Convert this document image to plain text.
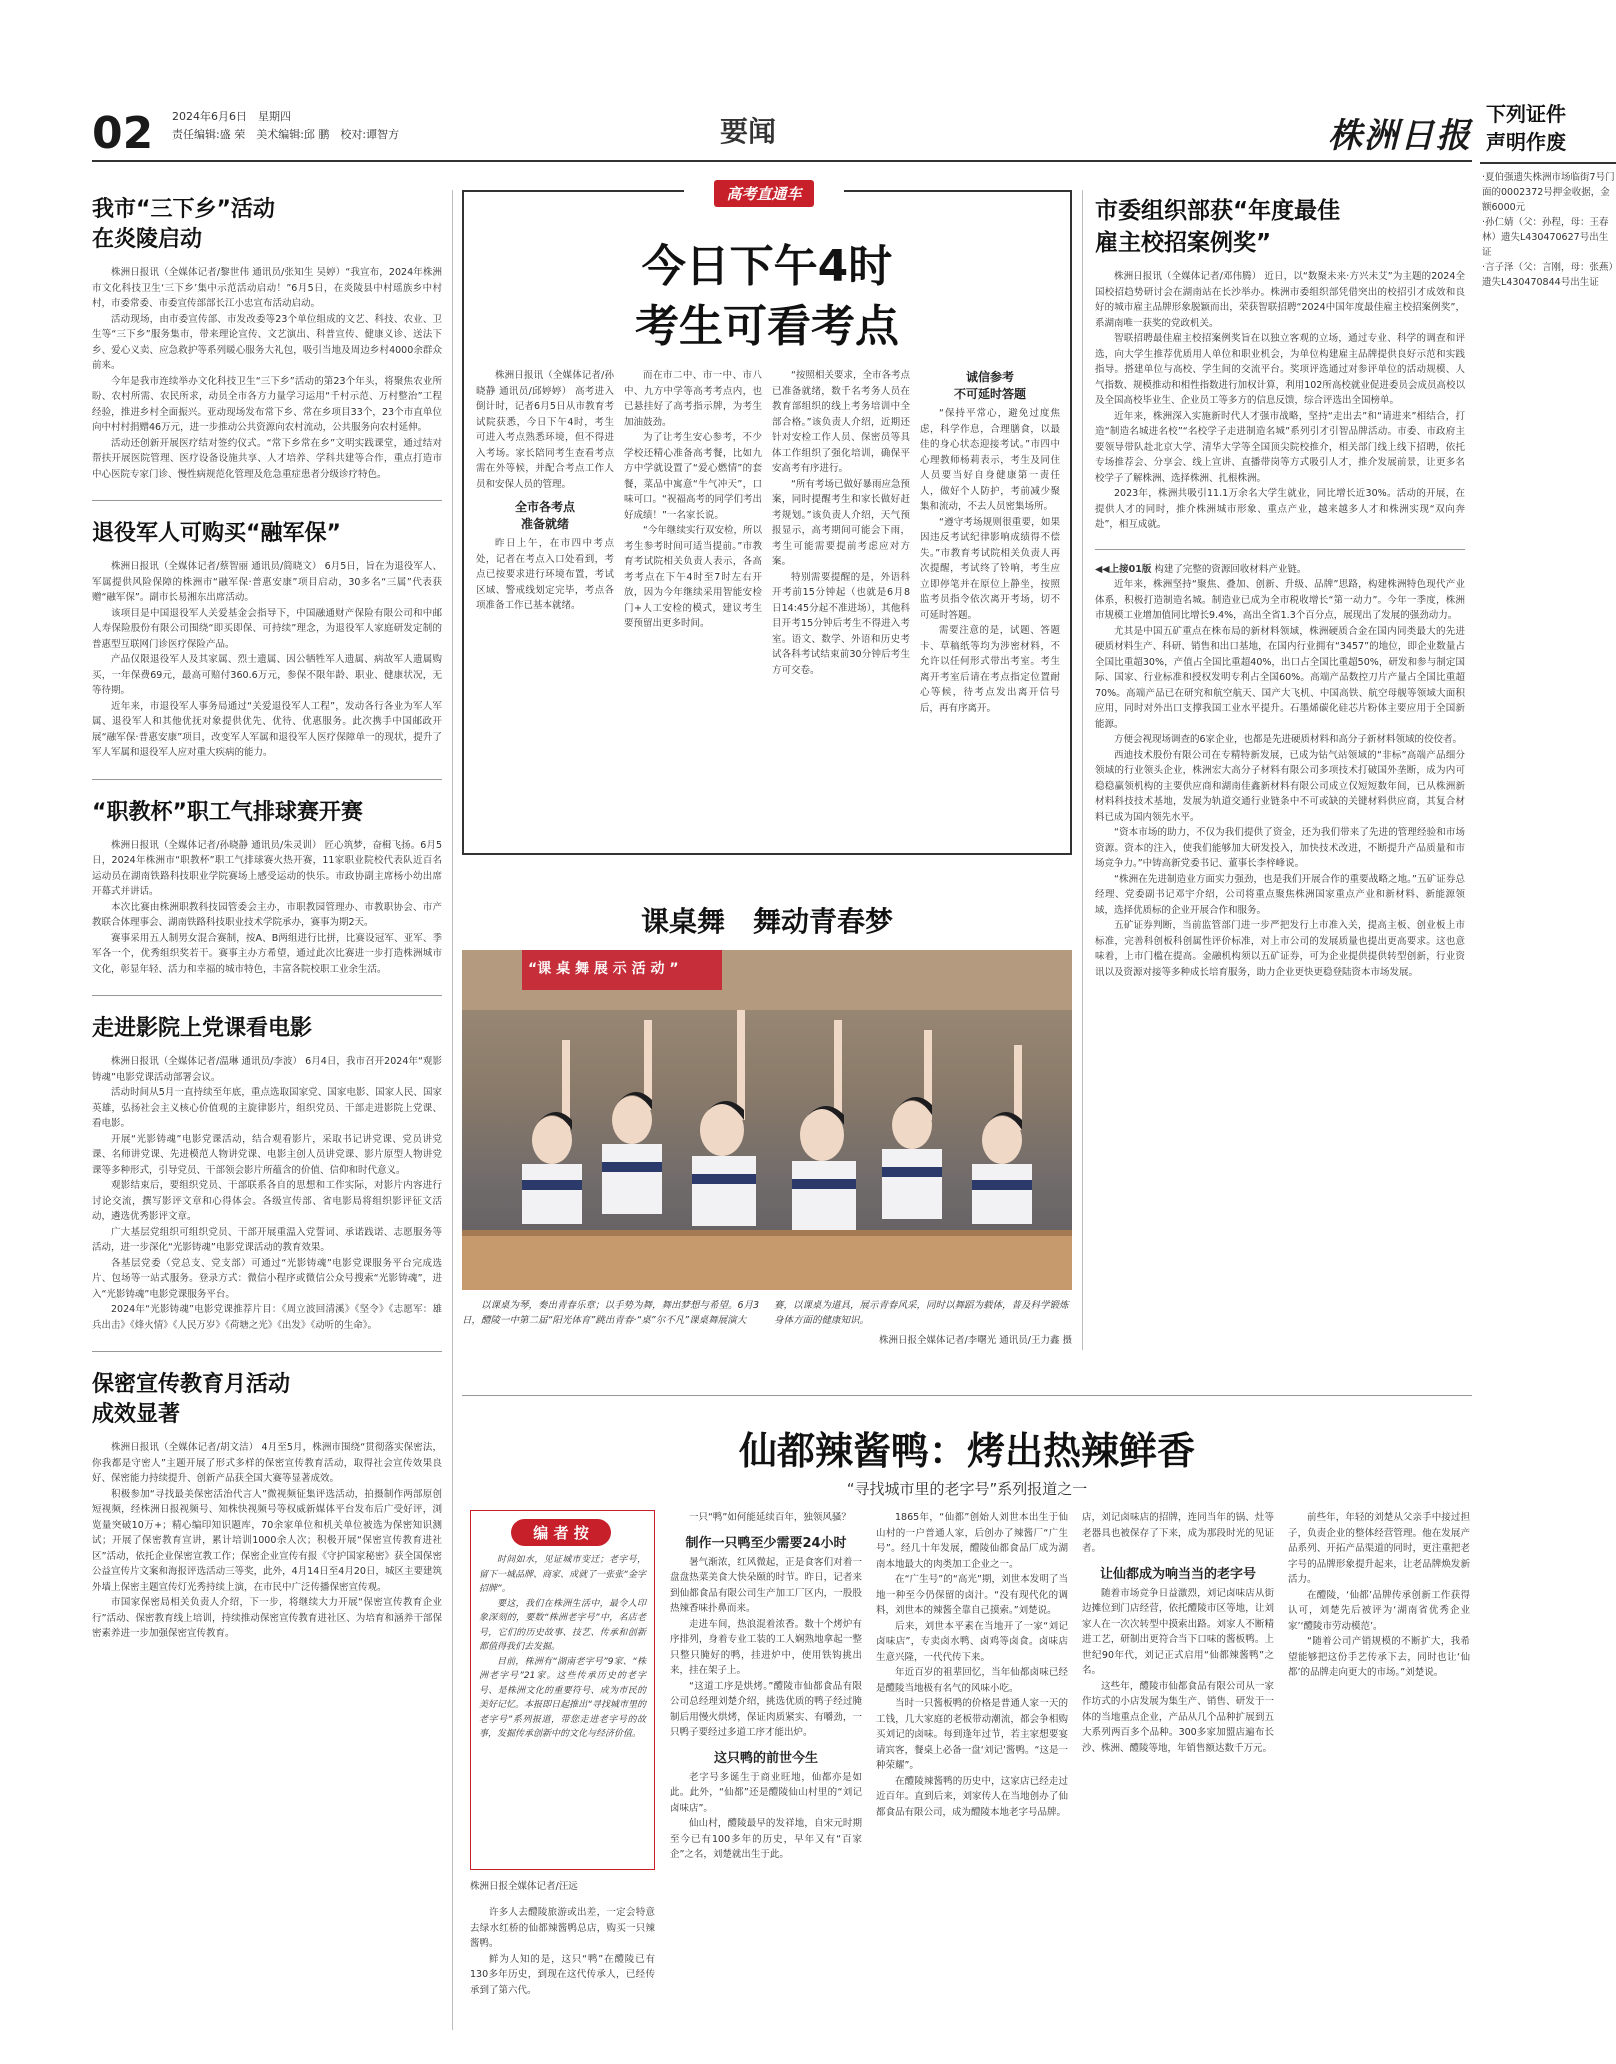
02 2024年6月6日　星期四
责任编辑:盛 荣　美术编辑:邱 鹏　校对:谭智方	要闻	株洲日报
下列证件
声明作废
·夏伯强遗失株洲市场临街7号门面的0002372号押金收据，金额6000元
·孙仁婧（父：孙程，母：王春林）遗失L430470627号出生证
·言子泽（父：言刚，母：张燕）遗失L430470844号出生证
我市“三下乡”活动
在炎陵启动

株洲日报讯（全媒体记者/黎世伟 通讯员/张知生 吴婷）“我宣布，2024年株洲市文化科技卫生‘三下乡’集中示范活动启动！”6月5日，在炎陵县中村瑶族乡中村村，市委常委、市委宣传部部长江小忠宣布活动启动。

活动现场，由市委宣传部、市发改委等23个单位组成的文艺、科技、农业、卫生等“三下乡”服务集市，带来理论宣传、文艺演出、科普宣传、健康义诊、送法下乡、爱心义卖、应急救护等系列暖心服务大礼包，吸引当地及周边乡村4000余群众前来。

今年是我市连续举办文化科技卫生“三下乡”活动的第23个年头，将聚焦农业所盼、农村所需、农民所求，动员全市各方力量学习运用“千村示范、万村整治”工程经验，推进乡村全面振兴。亚动现场发布常下乡、常在乡项目33个，23个市直单位向中村村捐赠46万元，进一步推动公共资源向农村流动，公共服务向农村延伸。

活动还创新开展医疗结对签约仪式。“常下乡常在乡”文明实践课堂，通过结对帮扶开展医院管理、医疗设备设施共享、人才培养、学科共建等合作，重点打造市中心医院专家门诊、慢性病规范化管理及危急重症患者分级诊疗特色。

退役军人可购买“融军保”

株洲日报讯（全媒体记者/蔡智丽 通讯员/简晓文） 6月5日，旨在为退役军人、军属提供风险保障的株洲市“融军保·普惠安康”项目启动，30多名“三属”代表获赠“融军保”。副市长易湘东出席活动。

该项目是中国退役军人关爱基金会指导下，中国融通财产保险有限公司和中邮人寿保险股份有限公司围绕“即买即保、可持续”理念，为退役军人家庭研发定制的普惠型互联网门诊医疗保险产品。

产品仅限退役军人及其家属、烈士遗属、因公牺牲军人遗属、病故军人遗属购买，一年保费69元，最高可赔付360.6万元，参保不限年龄、职业、健康状况，无等待期。

近年来，市退役军人事务局通过“关爱退役军人工程”，发动各行各业为军人军属、退役军人和其他优抚对象提供优先、优待、优惠服务。此次携手中国邮政开展“融军保·普惠安康”项目，改变军人军属和退役军人医疗保障单一的现状，提升了军人军属和退役军人应对重大疾病的能力。

“职教杯”职工气排球赛开赛

株洲日报讯（全媒体记者/孙晓静 通讯员/朱灵训） 匠心筑梦，奋楫飞扬。6月5日，2024年株洲市“职教杯”职工气排球赛火热开赛，11家职业院校代表队近百名运动员在湖南铁路科技职业学院赛场上感受运动的快乐。市政协副主席杨小幼出席开幕式并讲话。

本次比赛由株洲职教科技园管委会主办，市职教园管理办、市教职协会、市产教联合体理事会、湖南铁路科技职业技术学院承办，赛事为期2天。

赛事采用五人制男女混合赛制，按A、B两组进行比拼，比赛设冠军、亚军、季军各一个，优秀组织奖若干。赛事主办方希望，通过此次比赛进一步打造株洲城市文化，彰显年轻、活力和幸福的城市特色，丰富各院校职工业余生活。

走进影院上党课看电影

株洲日报讯（全媒体记者/温琳 通讯员/李波） 6月4日，我市召开2024年“观影铸魂”电影党课活动部署会议。

活动时间从5月一直持续至年底，重点选取国家党、国家电影、国家人民、国家英雄，弘扬社会主义核心价值观的主旋律影片，组织党员、干部走进影院上党课、看电影。

开展“光影铸魂”电影党课活动，结合观看影片，采取书记讲党课、党员讲党课、名师讲党课、先进模范人物讲党课、电影主创人员讲党课、影片原型人物讲党课等多种形式，引导党员、干部领会影片所蕴含的价值、信仰和时代意义。

观影结束后，要组织党员、干部联系各自的思想和工作实际，对影片内容进行讨论交流，撰写影评文章和心得体会。各级宣传部、省电影局将组织影评征文活动，遴选优秀影评文章。

广大基层党组织可组织党员、干部开展重温入党誓词、承诺践诺、志愿服务等活动，进一步深化“光影铸魂”电影党课活动的教育效果。

各基层党委（党总支、党支部）可通过“光影铸魂”电影党课服务平台完成选片、包场等一站式服务。登录方式：微信小程序或微信公众号搜索“光影铸魂”，进入“光影铸魂”电影党课服务平台。

2024年“光影铸魂”电影党课推荐片目：《周立波回清溪》《坚令》《志愿军：雄兵出击》《烽火情》《人民万岁》《荷塘之光》《出发》《动听的生命》。

保密宣传教育月活动
成效显著

株洲日报讯（全媒体记者/胡文洁） 4月至5月，株洲市围绕“贯彻落实保密法，你我都是守密人”主题开展了形式多样的保密宣传教育活动，取得社会宣传效果良好、保密能力持续提升、创新产品获全国大赛等显著成效。

积极参加“寻找最美保密活治代言人”微视频征集评选活动，拍摄制作两部原创短视频，经株洲日报视频号、知株快视频号等权威新媒体平台发布后广受好评，浏览量突破10万+；精心编印知识题库，70余家单位和机关单位被选为保密知识测试；开展了保密教育宣讲，累计培训1000余人次；积极开展“保密宣传教育进社区”活动，依托企业保密宣教工作；保密企业宣传有报《守护国家秘密》获全国保密公益宣传片文案和海报评选活动三等奖，此外，4月14日至4月20日，城区主要建筑外墙上保密主题宣传灯光秀持续上演，在市民中广泛传播保密宣传观。

市国家保密局相关负责人介绍，下一步，将继续大力开展“保密宣传教育企业行”活动、保密教育线上培训，持续推动保密宣传教育进社区、为培育和涵养干部保密素养进一步加强保密宣传教育。

高考直通车
今日下午4时
考生可看考点

株洲日报讯（全媒体记者/孙晓静 通讯员/邱婷婷） 高考进入倒计时，记者6月5日从市教育考试院获悉，今日下午4时，考生可进入考点熟悉环境，但不得进入考场。家长陪同考生查看考点需在外等候，并配合考点工作人员和安保人员的管理。

全市各考点
准备就绪

昨日上午，在市四中考点处，记者在考点入口处看到，考点已按要求进行环境布置，考试区域、警戒线划定完毕，考点各项准备工作已基本就绪。

而在市二中、市一中、市八中、九方中学等高考考点内，也已悬挂好了高考指示牌，为考生加油鼓劲。

为了让考生安心参考，不少学校还精心准备高考餐，比如九方中学就设置了“爱心燃情”的套餐，菜品中寓意“牛气冲天”，口味可口。“祝福高考的同学们考出好成绩！”一名家长说。

“今年继续实行双安检，所以考生参考时间可适当提前。”市教育考试院相关负责人表示，各高考考点在下午4时至7时左右开放，因为今年继续采用智能安检门+人工安检的模式，建议考生要预留出更多时间。

“按照相关要求，全市各考点已准备就绪，数千名考务人员在教育部组织的线上考务培训中全部合格。”该负责人介绍，近期还针对安检工作人员、保密员等具体工作组织了强化培训，确保平安高考有序进行。

“所有考场已做好暴雨应急预案，同时提醒考生和家长做好赶考规划。”该负责人介绍，天气预报显示，高考期间可能会下雨，考生可能需要提前考虑应对方案。

特别需要提醒的是，外语科开考前15分钟起（也就是6月8日14:45分起不准进场），其他科目开考15分钟后考生不得进入考室。语文、数学、外语和历史考试各科考试结束前30分钟后考生方可交卷。

诚信参考
不可延时答题

“保持平常心，避免过度焦虑，科学作息，合理膳食，以最佳的身心状态迎接考试。”市四中心理教师杨莉表示，考生及同住人员要当好自身健康第一责任人，做好个人防护，考前减少聚集和流动，不去人员密集场所。

“遵守考场规则很重要，如果因违反考试纪律影响成绩得不偿失。”市教育考试院相关负责人再次提醒，考试终了铃响，考生应立即停笔并在原位上静坐，按照监考员指令依次离开考场，切不可延时答题。

需要注意的是，试题、答题卡、草稿纸等均为涉密材料，不允许以任何形式带出考室。考生离开考室后请在考点指定位置耐心等候，待考点发出离开信号后，再有序离开。

课桌舞　舞动青春梦
“课 桌 舞 展 示 活 动 ”
以课桌为琴，奏出青春乐章；以手势为舞，舞出梦想与希望。6月3日，醴陵一中第二届“阳光体育”跳出青春·“桌”尔不凡”课桌舞展演大赛，以课桌为道具，展示青春风采，同时以舞蹈为载体，普及科学锻炼身体方面的健康知识。
株洲日报全媒体记者/李曙光 通讯员/王力鑫 摄
市委组织部获“年度最佳
雇主校招案例奖”

株洲日报讯（全媒体记者/邓伟腾） 近日，以“数聚未来·方兴未艾”为主题的2024全国校招趋势研讨会在湖南站在长沙举办。株洲市委组织部凭借突出的校招引才成效和良好的城市雇主品牌形象脱颖而出，荣获智联招聘“2024中国年度最佳雇主校招案例奖”，系湖南唯一获奖的党政机关。

智联招聘最佳雇主校招案例奖旨在以独立客观的立场，通过专业、科学的调查和评选，向大学生推荐优质用人单位和职业机会，为单位构建雇主品牌提供良好示范和实践指导。搭建单位与高校、学生间的交流平台。奖项评选通过对参评单位的活动规模、人气指数、规模推动和相性指数进行加权计算，利用102所高校就业促进委员会成员高校以及全国高校毕业生、企业员工等多方的信息反馈，综合评选出全国榜单。

近年来，株洲深入实施新时代人才强市战略，坚持“走出去”和“请进来”相结合，打造“制造名城进名校”“名校学子走进制造名城”系列引才引智品牌活动。市委、市政府主要领导带队赴北京大学、清华大学等全国顶尖院校推介，相关部门线上线下招聘，依托专场推荐会、分享会、线上宣讲、直播带岗等方式吸引人才，推介发展前景，让更多名校学子了解株洲、选择株洲、扎根株洲。

2023年，株洲共吸引11.1万余名大学生就业，同比增长近30%。活动的开展，在提供人才的同时，推介株洲城市形象、重点产业，越来越多人才和株洲实现“双向奔赴”，相互成就。

◀◀上接01版 构建了完整的资源回收材料产业链。

近年来，株洲坚持“聚焦、叠加、创新、升级、品牌”思路，构建株洲特色现代产业体系，积极打造制造名城。制造业已成为全市税收增长“第一动力”。今年一季度，株洲市规模工业增加值同比增长9.4%，高出全省1.3个百分点，展现出了发展的强劲动力。

尤其是中国五矿重点在株布局的新材料领域，株洲硬质合金在国内同类最大的先进硬质材料生产、科研、销售和出口基地，在国内行业拥有“3457”的地位，即企业数量占全国比重超30%，产值占全国比重超40%，出口占全国比重超50%，研发和参与制定国际、国家、行业标准和授权发明专利占全国60%。高端产品数控刀片产量占全国比重超70%。高端产品已在研究和航空航天、国产大飞机、中国高铁、航空母舰等领域大面积应用，同时对外出口支撑我国工业水平提升。石墨烯碳化硅芯片粉体主要应用于全国新能源。

方便会视现场调查的6家企业，也都是先进硬质材料和高分子新材料领域的佼佼者。

西迪技术股份有限公司在专精特新发展，已成为钻气站领域的“非标”高端产品细分领域的行业领头企业，株洲宏大高分子材料有限公司多项技术打破国外垄断，成为内可稳稳赢领机构的主要供应商和湖南佳鑫新材料有限公司成立仅短短数年间，已从株洲新材料科技技术基地，发展为轨道交通行业链条中不可或缺的关键材料供应商，其复合材料已成为国内领先水平。

“资本市场的助力，不仅为我们提供了资金，还为我们带来了先进的管理经验和市场资源。资本的注入，使我们能够加大研发投入，加快技术改进，不断提升产品质量和市场竞争力。”中铸高新党委书记、董事长李梓峰说。

“株洲在先进制造业方面实力强劲，也是我们开展合作的重要战略之地。”五矿证券总经理、党委副书记邓宇介绍，公司将重点聚焦株洲国家重点产业和新材料、新能源领域，选择优质标的企业开展合作和服务。

五矿证券判断，当前监管部门进一步严把发行上市准入关，提高主板、创业板上市标准，完善科创板科创属性评价标准，对上市公司的发展质量也提出更高要求。这也意味着，上市门槛在提高。金融机构须以五矿证券，可为企业提供提供转型创新，行业资讯以及资源对接等多种成长培育服务，助力企业更快更稳登陆资本市场发展。

仙都辣酱鸭：烤出热辣鲜香
“寻找城市里的老字号”系列报道之一
编 者 按

时间如水，见证城市变迁；老字号，留下一城品牌、商家、成就了一张张“金字招牌”。

要这，我们在株洲生活中，最令人印象深刻的，要数“株洲老字号”中，名店老号，它们的历史故事、技艺、传承和创新都值得我们去发掘。

目前，株洲有“湖南老字号”9家、“株洲老字号”21家。这些传承历史的老字号、是株洲文化的重要符号、成为市民的美好记忆。本报即日起推出“寻找城市里的老字号”系列报道，带您走进老字号的故事，发掘传承创新中的文化与经济价值。

株洲日报全媒体记者/汪远

许多人去醴陵旅游或出差，一定会特意去绿水红桥的仙都辣酱鸭总店，购买一只辣酱鸭。

鲜为人知的是，这只“鸭”在醴陵已有130多年历史，到现在这代传承人，已经传承到了第六代。

一只“鸭”如何能延续百年，独领风骚？

制作一只鸭至少需要24小时

暑气渐浓，红风微起，正是食客们对着一盘盘热菜美食大快朵颐的时节。昨日，记者来到仙都食品有限公司生产加工厂区内，一股股热辣香味扑鼻而来。

走进车间，热浪混着浓香。数十个烤炉有序排列，身着专业工装的工人娴熟地拿起一整只整只腌好的鸭，挂进炉中，使用铁钩挑出来，挂在架子上。

“这道工序是烘烤。”醴陵市仙都食品有限公司总经理刘楚介绍，挑选优质的鸭子经过腌制后用慢火烘烤，保证肉质紧实、有嚼劲，一只鸭子要经过多道工序才能出炉。

这只鸭的前世今生

老字号多诞生于商业旺地，仙都亦是如此。此外，“仙都”还是醴陵仙山村里的“刘记卤味店”。

仙山村，醴陵最早的发祥地，自宋元时期至今已有100多年的历史，早年又有“百家企”之名，刘楚就出生于此。

1865年，“仙都”创始人刘世本出生于仙山村的一户普通人家，后创办了辣酱厂“广生号”。经几十年发展，醴陵仙都食品厂成为湖南本地最大的肉类加工企业之一。

在“广生号”的“高光”期，刘世本发明了当地一种至今仍保留的卤汁。“没有现代化的调料，刘世本的辣酱全靠自己摸索。”刘楚说。

后来，刘世本平素在当地开了一家“刘记卤味店”，专卖卤水鸭、卤鸡等卤食。卤味店生意兴隆，一代代传下来。

年近百岁的祖辈回忆，当年仙都卤味已经是醴陵当地极有名气的风味小吃。

当时一只酱板鸭的价格是普通人家一天的工钱，几大家庭的老板带动潮流，都会争相购买刘记的卤味。每到逢年过节，若主家想要宴请宾客，餐桌上必备一盘‘刘记’酱鸭。“这是一种荣耀”。

在醴陵辣酱鸭的历史中，这家店已经走过近百年。直到后来，刘家传人在当地创办了仙都食品有限公司，成为醴陵本地老字号品牌。

店，刘记卤味店的招牌，连同当年的锅、灶等老器具也被保存了下来，成为那段时光的见证者。

让仙都成为响当当的老字号

随着市场竞争日益激烈，刘记卤味店从街边摊位到门店经营，依托醴陵市区等地，让刘家人在一次次转型中摸索出路。刘家人不断精进工艺，研制出更符合当下口味的酱板鸭。上世纪90年代，刘记正式启用“仙都辣酱鸭”之名。

这些年，醴陵市仙都食品有限公司从一家作坊式的小店发展为集生产、销售、研发于一体的当地重点企业，产品从几个品种扩展到五大系列两百多个品种。300多家加盟店遍布长沙、株洲、醴陵等地，年销售额达数千万元。

前些年，年轻的刘楚从父亲手中接过担子，负责企业的整体经营管理。他在发展产品系列、开拓产品渠道的同时，更注重把老字号的品牌形象提升起来，让老品牌焕发新活力。

在醴陵，‘仙都’品牌传承创新工作获得认可，刘楚先后被评为‘湖南省优秀企业家’‘醴陵市劳动模范’。

“随着公司产销规模的不断扩大，我希望能够把这份手艺传承下去，同时也让‘仙都’的品牌走向更大的市场。”刘楚说。
